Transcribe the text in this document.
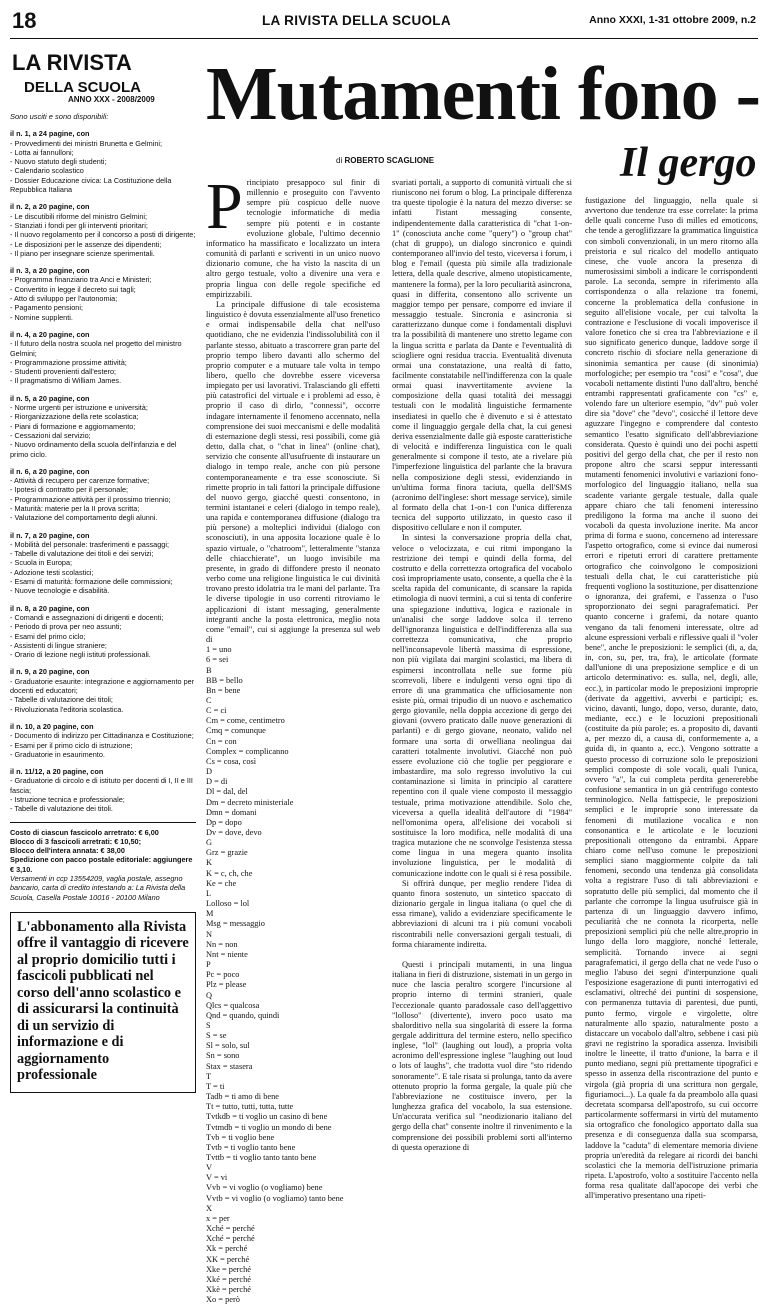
18	LA RIVISTA DELLA SCUOLA	Anno XXXI, 1-31 ottobre 2009, n.2
LA RIVISTA
DELLA SCUOLA
ANNO XXX - 2008/2009
Sono usciti e sono disponibili:
il n. 1, a 24 pagine, con
- Provvedimenti dei ministri Brunetta e Gelmini;
- Lotta ai fannulloni;
- Nuovo statuto degli studenti;
- Calendario scolastico
- Dossier Educazione civica: La Costituzione della Repubblica Italiana
il n. 2, a 20 pagine, con
- Le discutibili riforme del ministro Gelmini;
- Stanziati i fondi per gli interventi prioritari;
- Il nuovo regolamento per il concorso a posti di dirigente;
- Le disposizioni per le assenze dei dipendenti;
- Il piano per insegnare scienze sperimentali.
il n. 3, a 20 pagine, con
- Programma finanziario tra Anci e Ministeri;
- Convertito in legge il decreto sui tagli;
- Atto di sviluppo per l'autonomia;
- Pagamento pensioni;
- Nomine supplenti.
il n. 4, a 20 pagine, con
- Il futuro della nostra scuola nel progetto del ministro Gelmini;
- Programmazione prossime attività;
- Studenti provenienti dall'estero;
- Il pragmatismo di William James.
il n. 5, a 20 pagine, con
- Norme urgenti per istruzione e università;
- Riorganizzazione della rete scolastica;
- Piani di formazione e aggiornamento;
- Cessazioni dal servizio;
- Nuovo ordinamento della scuola dell'infanzia e del primo ciclo.
il n. 6, a 20 pagine, con
- Attività di recupero per carenze formative;
- Ipotesi di contratto per il personale;
- Programmazione attività per il prossimo triennio;
- Maturità: materie per la II prova scritta;
- Valutazione del comportamento degli alunni.
il n. 7, a 20 pagine, con
- Mobilità del personale: trasferimenti e passaggi;
- Tabelle di valutazione dei titoli e dei servizi;
- Scuola in Europa;
- Adozione testi scolastici;
- Esami di maturità: formazione delle commissioni;
- Nuove tecnologie e disabilità.
il n. 8, a 20 pagine, con
- Comandi e assegnazioni di dirigenti e docenti;
- Periodo di prova per neo assunti;
- Esami del primo ciclo;
- Assistenti di lingue straniere;
- Orario di lezione negli istituti professionali.
il n. 9, a 20 pagine, con
- Graduatorie esaurite: integrazione e aggiornamento per docenti ed educatori;
- Tabelle di valutazione dei titoli;
- Rivoluzionata l'editoria scolastica.
il n. 10, a 20 pagine, con
- Documento di indirizzo per Cittadinanza e Costituzione;
- Esami per il primo ciclo di istruzione;
- Graduatorie in esaurimento.
il n. 11/12, a 20 pagine, con
- Graduatorie di circolo e di istituto per docenti di I, II e III fascia;
- Istruzione tecnica e professionale;
- Tabelle di valutazione dei titoli.
Costo di ciascun fascicolo arretrato: € 6,00
Blocco di 3 fascicoli arretrati: € 10,50;
Blocco dell'intera annata: € 38,00
Spedizione con pacco postale editoriale: aggiungere € 3,10.
Versamenti in ccp 13554209, vaglia postale, assegno bancario, carta di credito intestando a: La Rivista della Scuola, Casella Postale 10016 - 20100 Milano
L'abbonamento alla Rivista offre il vantaggio di ricevere al proprio domicilio tutti i fascicoli pubblicati nel corso dell'anno scolastico e di assicurarsi la continuità di un servizio di informazione e di aggiornamento professionale
Mutamenti fono -
di ROBERTO SCAGLIONE	Il gergo
P rincipiato presappoco sul finir di millennio e proseguito con l'avvento sempre più cospicuo delle nuove tecnologie informatiche di media sempre più potenti e in costante evoluzione globale, l'ultimo decennio informatico ha massificato e localizzato un intera comunità di parlanti e scriventi in un unico nuovo dizionario comune, che ha visto la nascita di un altro gergo testuale, volto a divenire una vera e propria lingua con delle regole specifiche ed empirizzabili.

La principale diffusione di tale ecosistema linguistico è dovuta essenzialmente all'uso frenetico e ormai indispensabile della chat nell'uso quotidiano, che ne evidenzia l'indissolubilità con il parlante stesso, abituato a trascorrere gran parte del proprio tempo libero davanti allo schermo del proprio computer e a mutuare tale volta in tempo libero, quello che dovrebbe essere viceversa impiegato per usi lavorativi. Tralasciando gli effetti più catastrofici del virtuale e i problemi ad esso, è proprio il caso di dirlo, "connessi", occorre indagare internamente il fenomeno accennato, nella comprensione dei suoi meccanismi e delle modalità di esternazione degli stessi, resi possibili, come già detto, dalla chat, o "chat in linea" (online chat), servizio che consente all'usufruente di instaurare un dialogo in tempo reale, anche con più persone contemporaneamente e tra esse sconosciute. Si rimette proprio in tali fattori la principale diffusione del nuovo gergo, giacché questi consentono, in termini istantanei e celeri (dialogo in tempo reale), una rapida e contemporanea diffusione (dialogo tra più persone) a molteplici individui (dialogo con sconosciuti), in una apposita locazione quale è lo spazio virtuale, o "chatroom", letteralmente "stanza delle chiacchierate", un luogo invisibile ma presente, in grado di diffondere presto il neonato verbo come una religione linguistica le cui divinità trovano presto idolatria tra le mani del parlante. Tra le diverse tipologie in uso correnti ritroviamo le applicazioni di istant messaging, generalmente integranti anche la posta elettronica, meglio nota come "email", cui si aggiunge la presenza sul web di

1 = uno
6 = sei
B
BB = bello
Bn = bene
C
C = ci
Cm = come, centimetro
Cmq = comunque
Cn = con
Complex = complicanno
Cs = cosa, così
D
D = di
Dl = dal, del
Dm = decreto ministeriale
Dmn = domani
Dp = dopo
Dv = dove, devo
G
Grz = grazie
K
K = c, ch, che
Ke = che
L
Lolloso = lol
M
Msg = messaggio
N
Nn = non
Nnt = niente
P
Pc = poco
Plz = please
Q
Qlcs = qualcosa
Qnd = quando, quindi
S
S = se
Sl = solo, sul
Sn = sono
Stax = stasera
T
T = ti
Tadb = ti amo di bene
Tt = tutto, tutti, tutta, tutte
Tvtkdb = ti voglio un casino di bene
Tvtmdb = ti voglio un mondo di bene
Tvb = ti voglio bene
Tvtb = ti voglio tanto bene
Tvttb = ti voglio tanto tanto bene
V
V = vi
Vvb = vi voglio (o vogliamo) bene
Vvtb = vi voglio (o vogliamo) tanto bene
X
x = per
Xché = perché
Xché = perché
Xk = perché
XK = perché
Xke = perché
Xké = perché
Xkè = perché
Xo = però

svariati portali, a supporto di comunità virtuali che si riuniscono nei forum o blog. La principale differenza tra queste tipologie è la natura del mezzo diverse: se infatti l'istant messaging consente, indipendentemente dalla caratteristica di "chat 1-on-1" (conosciuta anche come "query") o "group chat" (chat di gruppo), un dialogo sincronico e quindi contemporaneo all'invio del testo, viceversa i forum, i blog e l'email (questa più simile alla tradizionale lettera, della quale descrive, almeno utopisticamente, mantenere la forma), per la loro peculiarità asincrona, quasi in differita, consentono allo scrivente un maggior tempo per pensare, comporre ed inviare il messaggio testuale. Sincronia e asincronia si caratterizzano dunque come i fondamentali displuvi tra la possibilità di mantenere uno stretto legame con la lingua scritta e parlata da Dante e l'eventualità di sciogliere ogni residua traccia. Eventualità divenuta ormai una constatazione, una realtà di fatto, facilmente constatabile nell'indifferenza con la quale ormai quasi inavvertitamente avviene la composizione della quasi totalità dei messaggi testuali con le modalità linguistiche fermamente insediatesi in quello che è divenuto e si è attestato come il linguaggio gergale della chat, la cui genesi deriva essenzialmente dalle già esposte caratteristiche di velocità e indifferenza linguistica con le quali generalmente si compone il testo, ate a rivelare più l'imperfezione linguistica del parlante che la bravura nella composizione degli stessi, evidenziando in un'ultima forma finora taciuta, quella dell'SMS (acronimo dell'inglese: short message service), simile al formato della chat 1-on-1 con l'unica differenza tecnica del supporto utilizzato, in questo caso il dispositivo cellulare e non il computer.

In sintesi la conversazione propria della chat, veloce o velocizzata, e cui ritmi impongano la restrizione dei tempi e quindi della forma, del costrutto e della correttezza ortografica del vocabolo così impropriamente usato, consente, a quella che è la scelta rapida del comunicante, di scansare la rapida etimologia di nuovi termini, a cui si tenta di conferire una spiegazione induttiva, logica e razionale in un'analisi che sorge laddove solca il terreno dell'ignoranza linguistica e dell'indifferenza alla sua correttezza comunicativa, che proprio nell'inconsapevole libertà massima di espressione, non più vigilata dai margini scolastici, ma libera di espimersi incontrollata nelle sue forme più scorrevoli, libere e indulgenti verso ogni tipo di errore di una grammatica che ufficiosamente non esiste più, ormai tripudio di un nuovo e aschematico gergo giovanile, nella doppia accezione di gergo dei giovani (ovvero praticato dalle nuove generazioni di parlanti) e di gergo giovane, neonato, valido nel formare una sorta di orwelliana neolingua dai caratteri totalmente involutivi. Giacché non può essere evoluzione ciò che toglie per peggiorare e imbastardire, ma solo regresso involutivo la cui contaminazione si limita in principio al carattere repentino con il quale viene composto il messaggio testuale, prima motivazione attendibile. Solo che, viceversa a quella idealità dell'autore di "1984" nell'omonima opera, all'elisione dei vocaboli si sostituisce la loro modifica, nelle modalità di una tragica mutazione che ne sconvolge l'esistenza stessa come lingua in una megera quanto insolita involuzione linguistica, per le modalità di comunicazione indotte con le quali si è resa possibile.

Si offrirà dunque, per meglio rendere l'idea di quanto finora sostenuto, un sintetico spaccato di dizionario gergale in lingua italiana (o quel che di essa rimane), valido a evidenziare specificamente le abbreviazioni di alcuni tra i più comuni vocaboli riscontrabili nelle conversazioni gergali testuali, di forma chiaramente indiretta.

Questi i principali mutamenti, in una lingua italiana in fieri di distruzione, sistemati in un gergo in nuce che lascia peraltro scorgere l'incursione al proprio interno di termini stranieri, quale l'eccezionale quanto paradossale caso dell'aggettivo "lolloso" (divertente), invero poco usato ma sbalorditivo nella sua singolarità di essere la forma gergale addirittura del termine estero, nello specifico inglese, "lol" (laughing out loud), a propria volta acronimo dell'espressione inglese "laughing out loud o lots of laughs", che tradotta vuol dire "sto ridendo sonoramente". E tale risata si prolunga, tanto da avere ottenuto proprio la forma gergale, la quale più che l'abbreviazione ne costituisce invero, per la lunghezza grafica del vocabolo, la sua estensione. Un'accurata verifica sul "neodizionario italiano del gergo della chat" consente inoltre il rinvenimento e la comprensione dei possibili problemi sorti all'interno di questa operazione di

fustigazione del linguaggio, nella quale si avvertono due tendenze tra esse correlate: la prima delle quali concerne l'uso di milles ed emoticons, che tende a geroglifizzare la grammatica linguistica con simboli convenzionali, in un mero ritorno alla preistoria e sul ricalco del modello antiquato cinese, che vuole ancora la presenza di numerosissimi simboli a indicare le corrispondenti parole. La seconda, sempre in riferimento alla corrispondenza o alla relazione tra fonemi, concerne la problematica della confusione in seguito all'elisione vocale, per cui talvolta la contrazione e l'esclusione di vocali impoverisce il valore fonetico che si crea tra l'abbreviazione e il suo significato generico dunque, laddove sorge il concreto rischio di sfociare nella generazione di sinonimia semantica per cause (di sinonimia) morfologiche; per esempio tra "cosi" e "cosa", due vocaboli nettamente distinti l'uno dall'altro, benché entrambi rappresentati graficamente con "cs" e, volendo fare un ulteriore esempio, "dv" può voler dire sia "dove" che "devo", cosicché il lettore deve aguzzare l'ingegno e comprendere dal contesto semantico l'esatto significato dell'abbreviazione considerata. Questo è quindi uno dei pochi aspetti positivi del gergo della chat, che per il resto non propone altro che scarsi seppur interessanti mutamenti fenomenici involutivi e variazioni fono-morfologico del linguaggio italiano, nella sua scadente variante gergale testuale, dalla quale appare chiaro che tali fenomeni interessino prediligono la forma ma anche il suono dei vocaboli da questa involuzione inerite. Ma ancor prima di forma e suono, concerneno ad interessare l'aspetto ortografico, come si evince dai numerosi errori e ripetuti errori di carattere prettamente ortografico che coinvolgono le composizioni testuali della chat, le cui caratteristiche più frequenti vogliono la sostituzione, per disattenzione o ignoranza, dei grafemi, e l'assenza o l'uso sproporzionato dei segni paragrafematici. Per quanto concerne i grafemi, da notare quanto vengano da tali fenomeni interessate, oltre ad alcune espressioni verbali e riflessive quali il "voler bene", anche le preposizioni: le semplici (di, a, da, in, con, su, per, tra, fra), le articolate (formate dall'unione di una preposizione semplice e di un articolo determinativo: es. sulla, nel, degli, alle, ecc.), in particolar modo le preposizioni improprie (derivate da aggettivi, avverbi e participi; es. vicino, davanti, lungo, dopo, verso, durante, dato, mediante, ecc.) e le locuzioni prepositionali (costituite da più parole; es. a proposito di, davanti a, per mezzo di, a causa di, conformemente a, a guida di, in quanto a, ecc.). Vengono sottratte a questo processo di corruzione solo le preposizioni semplici composte di sole vocali, quali l'unica, ovvero "a", la cui completa perdita genererebbe confusione semantica in un già centrifugo contesto terminologico. Nella fattispecie, le preposizioni semplici e le improprie sono interessate da fenomeni di mutilazione vocalica e non consonantica e le articolate e le locuzioni prepositionali ottengono da entrambi. Appare chiaro come nell'uso comune le preposizioni semplici siano maggiormente colpite da tali fenomeni, secondo una tendenza già consolidata volta a registrare l'uso di tali abbreviazioni e sopratutto delle più semplici, dal momento che il parlante che corrompe la lingua usufruisce già in partenza di un linguaggio davvero infimo, peculiarità che ne connota la ricorperta, nelle preposizioni semplici più che nelle altre,proprio in lungo della loro maggiore, nonché letterale, semplicità. Tornando invece ai segni paragrafematici, il gergo della chat ne vede l'uso o meglio l'abuso dei segni d'interpunzione quali l'esposizione esagerazione di punti interrogativi ed esclamativi, oltreché dei puntini di sospensione, con permanenza tuttavia di parentesi, due punti, punto fermo, virgole e virgolette, oltre naturalmente allo spazio, naturalmente posto a distaccare un vocabolo dall'altro, sebbene i casi più gravi ne registrino la sporadica assenza. Invisibili inoltre le lineette, il tratto d'unione, la barra e il punto mediano, segni più prettamente tipografici e spesso in assenza della riscontrazione del punto e virgola (già propria di una scrittura non gergale, figuriamoci...). La quale fa da preambolo alla quasi decretata scomparsa dell'apostrofo, su cui occorre particolarmente soffermarsi in virtù del mutamento sia ortografico che fonologico apportato dalla sua presenza e di conseguenza dalla sua scomparsa, laddove la "caduta" di elementare memoria diviene propria un'eredità da relegare ai ricordi dei banchi scolastici che la memoria dell'istruzione primaria ripeta. L'apostrofo, volto a sostituire l'accento nella forma resa qualitate dall'apocope dei verbi che all'imperativo presentano una ripeti-
